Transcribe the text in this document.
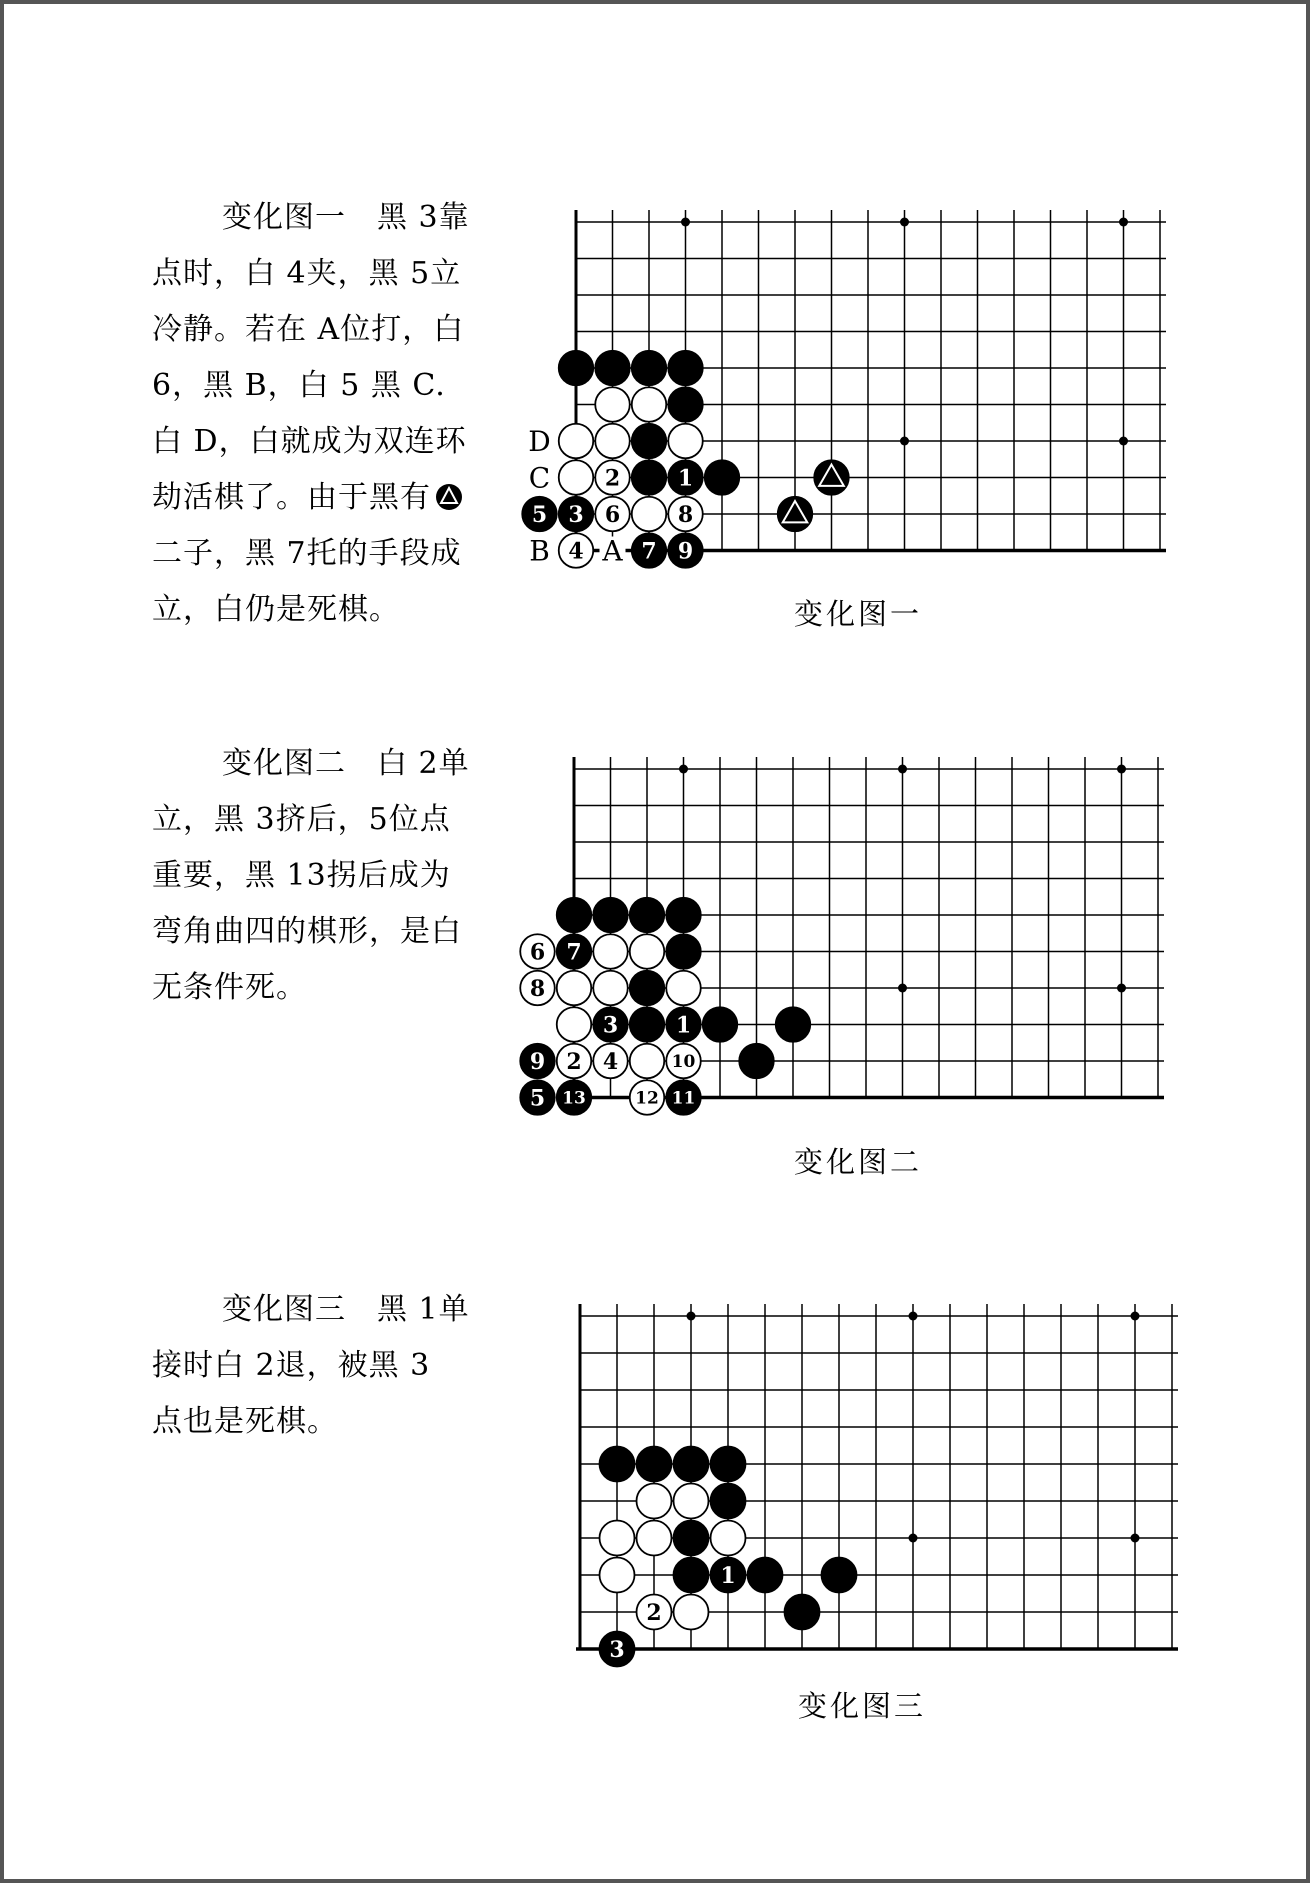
变化图一　黑 3靠
点时，白 4夹，黑 5立
冷静。若在 A位打，白
6，黑 B，白 5 黑 C.
白 D，白就成为双连环
劫活棋了。由于黑有
二子，黑 7托的手段成
立，白仍是死棋。
2	1
5 3 6	8
4	7 9
D
C
B A
变化图一
变化图二　白 2单
立，黑 3挤后，5位点
重要，黑 13拐后成为
弯角曲四的棋形，是白
无条件死。
6 7
8
3	1
9 2 4	10
5 13	12 11
变化图二
变化图三　黑 1单
接时白 2退，被黑 3
点也是死棋。
1
2
3
变化图三
